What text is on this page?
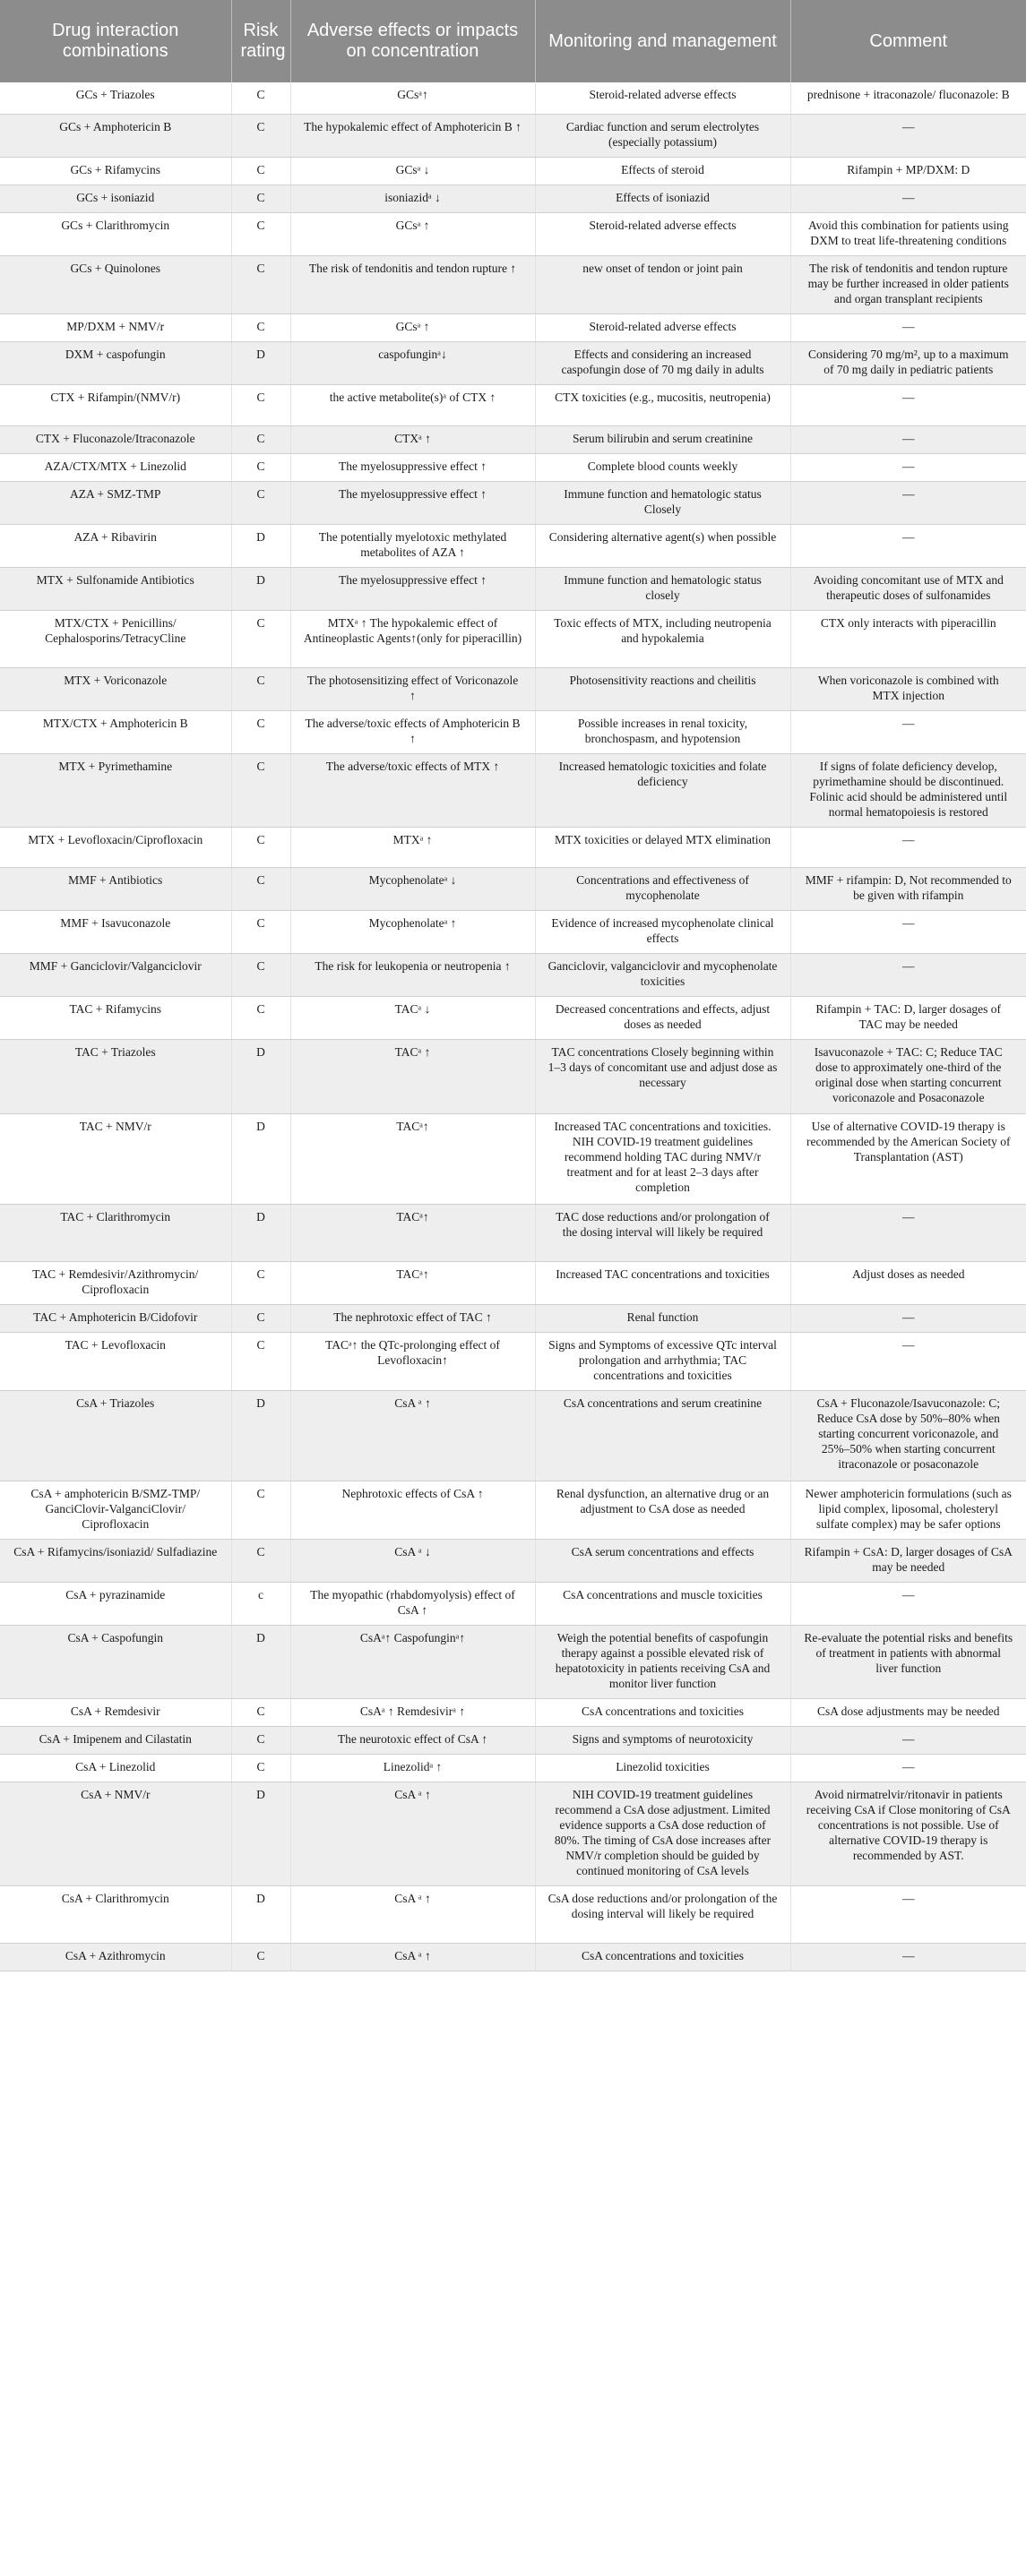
Drug interaction combinations	Risk rating	Adverse effects or impacts on concentration	Monitoring and management	Comment
GCs + Triazoles	C	GCsᵃ↑	Steroid-related adverse effects	prednisone + itraconazole/ fluconazole: B
GCs + Amphotericin B	C	The hypokalemic effect of Amphotericin B ↑	Cardiac function and serum electrolytes (especially potassium)	—
GCs + Rifamycins	C	GCsᵃ ↓	Effects of steroid	Rifampin + MP/DXM: D
GCs + isoniazid	C	isoniazidᵃ ↓	Effects of isoniazid	—
GCs + Clarithromycin	C	GCsᵃ ↑	Steroid-related adverse effects	Avoid this combination for patients using DXM to treat life-threatening conditions
GCs + Quinolones	C	The risk of tendonitis and tendon rupture ↑	new onset of tendon or joint pain	The risk of tendonitis and tendon rupture may be further increased in older patients and organ transplant recipients
MP/DXM + NMV/r	C	GCsᵃ ↑	Steroid-related adverse effects	—
DXM + caspofungin	D	caspofunginᵃ↓	Effects and considering an increased caspofungin dose of 70 mg daily in adults	Considering 70 mg/m², up to a maximum of 70 mg daily in pediatric patients
CTX + Rifampin/(NMV/r)	C	the active metabolite(s)ᵃ of CTX ↑	CTX toxicities (e.g., mucositis, neutropenia)	—
CTX + Fluconazole/Itraconazole	C	CTXᵃ ↑	Serum bilirubin and serum creatinine	—
AZA/CTX/MTX + Linezolid	C	The myelosuppressive effect ↑	Complete blood counts weekly	—
AZA + SMZ-TMP	C	The myelosuppressive effect ↑	Immune function and hematologic status Closely	—
AZA + Ribavirin	D	The potentially myelotoxic methylated metabolites of AZA ↑	Considering alternative agent(s) when possible	—
MTX + Sulfonamide Antibiotics	D	The myelosuppressive effect ↑	Immune function and hematologic status closely	Avoiding concomitant use of MTX and therapeutic doses of sulfonamides
MTX/CTX + Penicillins/ Cephalosporins/TetracyCline	C	MTXᵃ ↑ The hypokalemic effect of Antineoplastic Agents↑(only for piperacillin)	Toxic effects of MTX, including neutropenia and hypokalemia	CTX only interacts with piperacillin
MTX + Voriconazole	C	The photosensitizing effect of Voriconazole ↑	Photosensitivity reactions and cheilitis	When voriconazole is combined with MTX injection
MTX/CTX + Amphotericin B	C	The adverse/toxic effects of Amphotericin B ↑	Possible increases in renal toxicity, bronchospasm, and hypotension	—
MTX + Pyrimethamine	C	The adverse/toxic effects of MTX ↑	Increased hematologic toxicities and folate deficiency	If signs of folate deficiency develop, pyrimethamine should be discontinued. Folinic acid should be administered until normal hematopoiesis is restored
MTX + Levofloxacin/Ciprofloxacin	C	MTXᵃ ↑	MTX toxicities or delayed MTX elimination	—
MMF + Antibiotics	C	Mycophenolateᵃ ↓	Concentrations and effectiveness of mycophenolate	MMF + rifampin: D, Not recommended to be given with rifampin
MMF + Isavuconazole	C	Mycophenolateᵃ ↑	Evidence of increased mycophenolate clinical effects	—
MMF + Ganciclovir/Valganciclovir	C	The risk for leukopenia or neutropenia ↑	Ganciclovir, valganciclovir and mycophenolate toxicities	—
TAC + Rifamycins	C	TACᵃ ↓	Decreased concentrations and effects, adjust doses as needed	Rifampin + TAC: D, larger dosages of TAC may be needed
TAC + Triazoles	D	TACᵃ ↑	TAC concentrations Closely beginning within 1–3 days of concomitant use and adjust dose as necessary	Isavuconazole + TAC: C; Reduce TAC dose to approximately one-third of the original dose when starting concurrent voriconazole and Posaconazole
TAC + NMV/r	D	TACᵃ↑	Increased TAC concentrations and toxicities. NIH COVID-19 treatment guidelines recommend holding TAC during NMV/r treatment and for at least 2–3 days after completion	Use of alternative COVID-19 therapy is recommended by the American Society of Transplantation (AST)
TAC + Clarithromycin	D	TACᵃ↑	TAC dose reductions and/or prolongation of the dosing interval will likely be required	—
TAC + Remdesivir/Azithromycin/ Ciprofloxacin	C	TACᵃ↑	Increased TAC concentrations and toxicities	Adjust doses as needed
TAC + Amphotericin B/Cidofovir	C	The nephrotoxic effect of TAC ↑	Renal function	—
TAC + Levofloxacin	C	TACᵃ↑ the QTc-prolonging effect of Levofloxacin↑	Signs and Symptoms of excessive QTc interval prolongation and arrhythmia; TAC concentrations and toxicities	—
CsA + Triazoles	D	CsA ᵃ ↑	CsA concentrations and serum creatinine	CsA + Fluconazole/Isavuconazole: C; Reduce CsA dose by 50%–80% when starting concurrent voriconazole, and 25%–50% when starting concurrent itraconazole or posaconazole
CsA + amphotericin B/SMZ-TMP/ GanciClovir-ValganciClovir/ Ciprofloxacin	C	Nephrotoxic effects of CsA ↑	Renal dysfunction, an alternative drug or an adjustment to CsA dose as needed	Newer amphotericin formulations (such as lipid complex, liposomal, cholesteryl sulfate complex) may be safer options
CsA + Rifamycins/isoniazid/ Sulfadiazine	C	CsA ᵃ ↓	CsA serum concentrations and effects	Rifampin + CsA: D, larger dosages of CsA may be needed
CsA + pyrazinamide	c	The myopathic (rhabdomyolysis) effect of CsA ↑	CsA concentrations and muscle toxicities	—
CsA + Caspofungin	D	CsAᵃ↑ Caspofunginᵃ↑	Weigh the potential benefits of caspofungin therapy against a possible elevated risk of hepatotoxicity in patients receiving CsA and monitor liver function	Re-evaluate the potential risks and benefits of treatment in patients with abnormal liver function
CsA + Remdesivir	C	CsAᵃ ↑ Remdesivirᵃ ↑	CsA concentrations and toxicities	CsA dose adjustments may be needed
CsA + Imipenem and Cilastatin	C	The neurotoxic effect of CsA ↑	Signs and symptoms of neurotoxicity	—
CsA + Linezolid	C	Linezolidᵃ ↑	Linezolid toxicities	—
CsA + NMV/r	D	CsA ᵃ ↑	NIH COVID-19 treatment guidelines recommend a CsA dose adjustment. Limited evidence supports a CsA dose reduction of 80%. The timing of CsA dose increases after NMV/r completion should be guided by continued monitoring of CsA levels	Avoid nirmatrelvir/ritonavir in patients receiving CsA if Close monitoring of CsA concentrations is not possible. Use of alternative COVID-19 therapy is recommended by AST.
CsA + Clarithromycin	D	CsA ᵃ ↑	CsA dose reductions and/or prolongation of the dosing interval will likely be required	—
CsA + Azithromycin	C	CsA ᵃ ↑	CsA concentrations and toxicities	—
